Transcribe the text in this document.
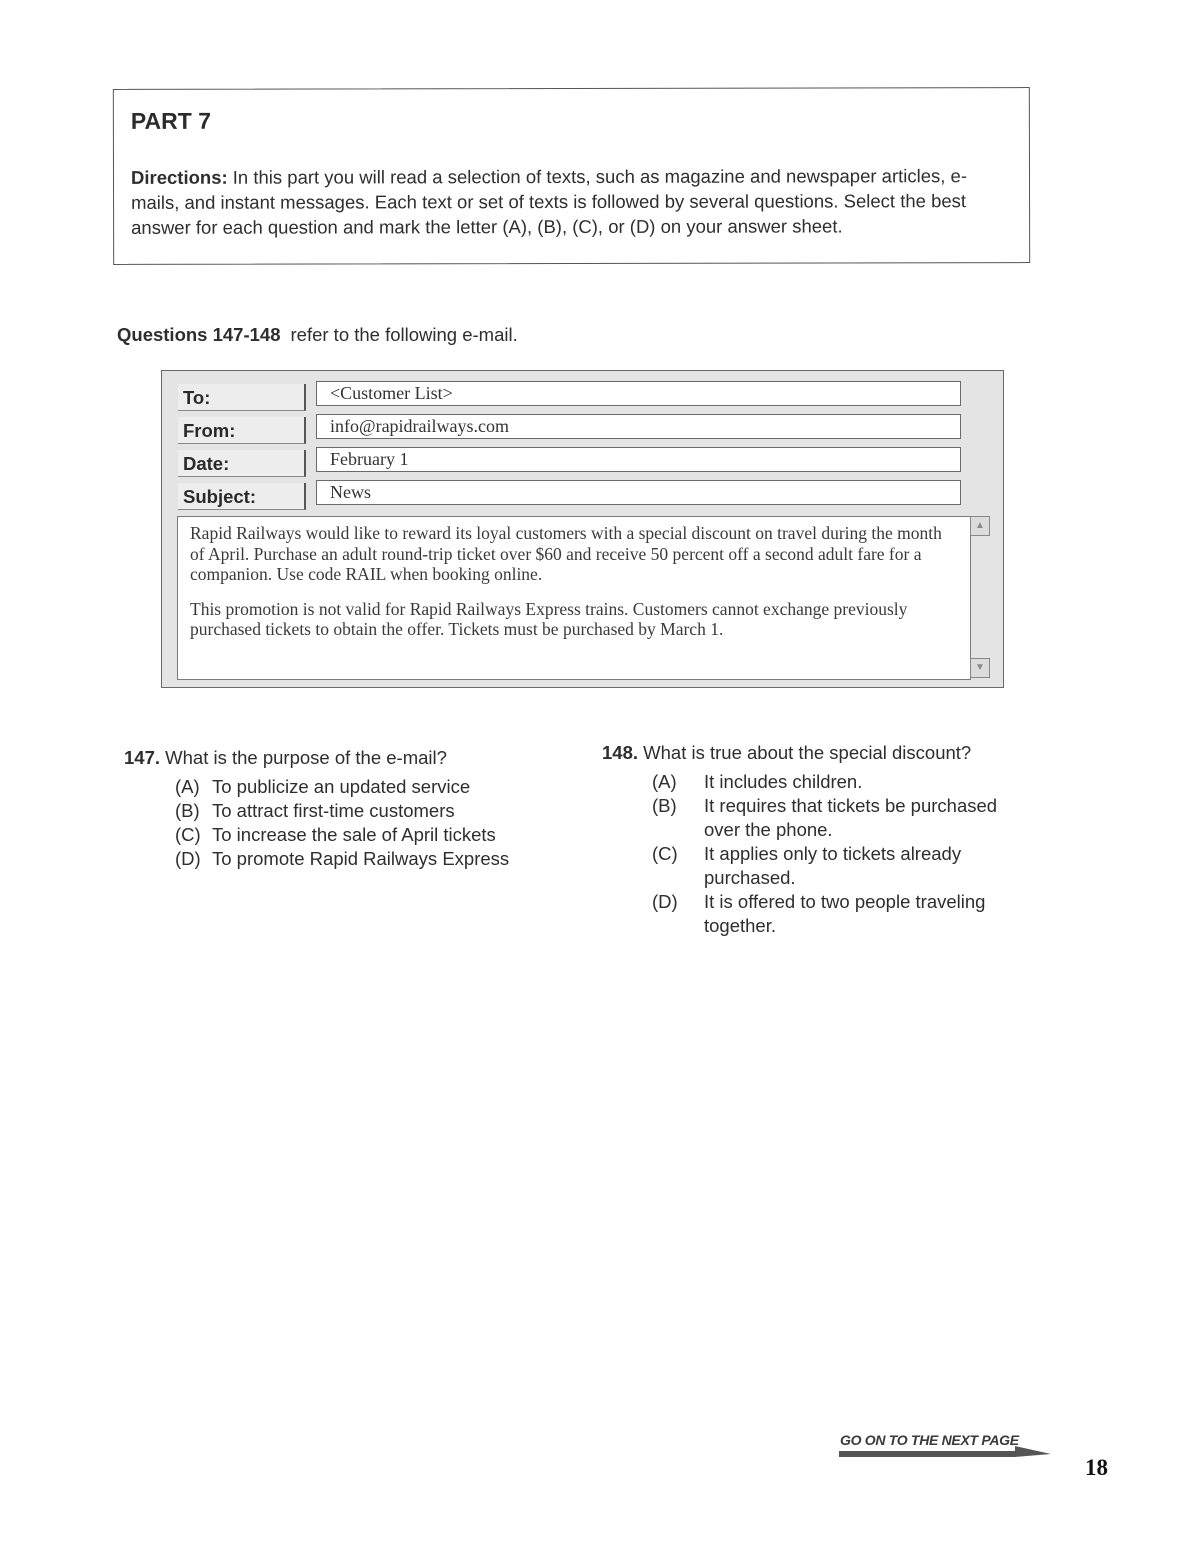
PART 7
Directions: In this part you will read a selection of texts, such as magazine and newspaper articles, e-mails, and instant messages. Each text or set of texts is followed by several questions. Select the best answer for each question and mark the letter (A), (B), (C), or (D) on your answer sheet.
Questions 147-148 refer to the following e-mail.
To:	<Customer List>
From:	info@rapidrailways.com
Date:	February 1
Subject:	News

Rapid Railways would like to reward its loyal customers with a special discount on travel during the month of April. Purchase an adult round-trip ticket over $60 and receive 50 percent off a second adult fare for a companion. Use code RAIL when booking online.

This promotion is not valid for Rapid Railways Express trains. Customers cannot exchange previously purchased tickets to obtain the offer. Tickets must be purchased by March 1.

▲
▼
147. What is the purpose of the e-mail?
(A) To publicize an updated service
(B) To attract first-time customers
(C) To increase the sale of April tickets
(D) To promote Rapid Railways Express
148. What is true about the special discount?
(A) It includes children.
(B) It requires that tickets be purchased over the phone.
(C) It applies only to tickets already purchased.
(D) It is offered to two people traveling together.
GO ON TO THE NEXT PAGE
18
